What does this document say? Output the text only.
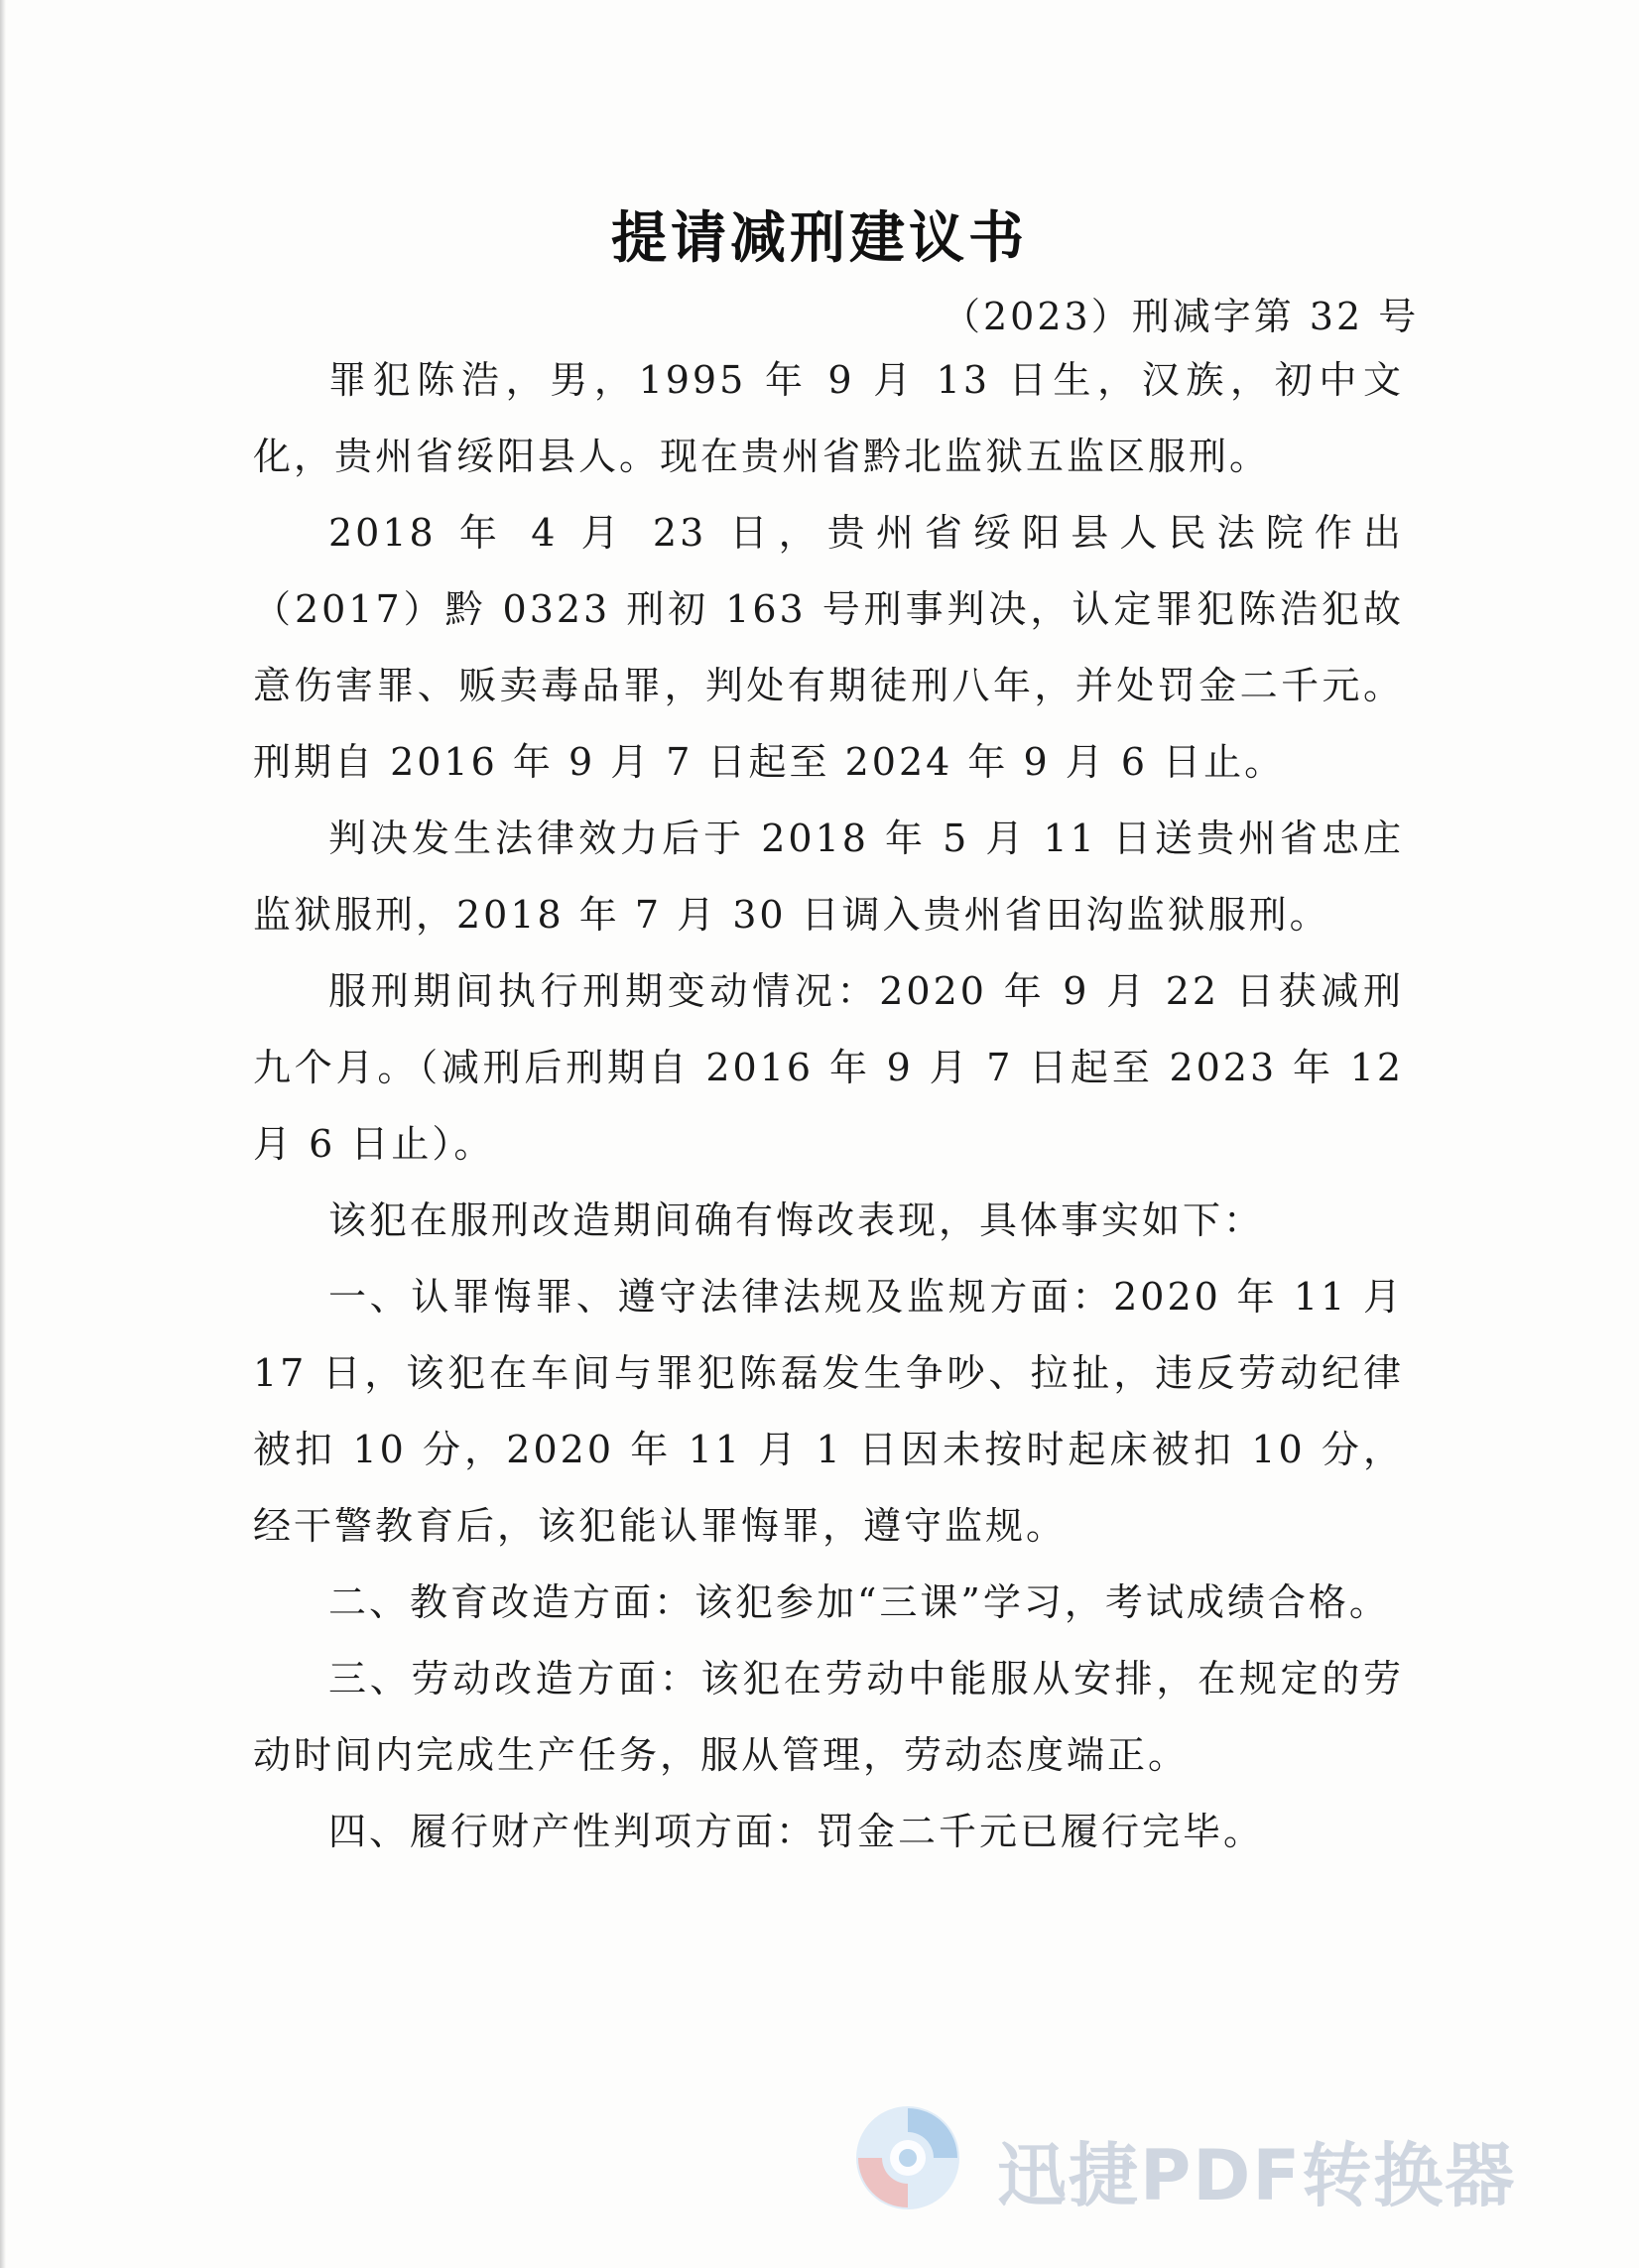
提请减刑建议书
（2023）刑减字第 32 号

罪犯陈浩，男，1995 年 9 月 13 日生，汉族，初中文化，贵州省绥阳县人。现在贵州省黔北监狱五监区服刑。

2018 年 4 月 23 日，贵州省绥阳县人民法院作出（2017）黔 0323 刑初 163 号刑事判决，认定罪犯陈浩犯故意伤害罪、贩卖毒品罪，判处有期徒刑八年，并处罚金二千元。刑期自 2016 年 9 月 7 日起至 2024 年 9 月 6 日止。

判决发生法律效力后于 2018 年 5 月 11 日送贵州省忠庄监狱服刑，2018 年 7 月 30 日调入贵州省田沟监狱服刑。

服刑期间执行刑期变动情况：2020 年 9 月 22 日获减刑九个月。（减刑后刑期自 2016 年 9 月 7 日起至 2023 年 12 月 6 日止）。

该犯在服刑改造期间确有悔改表现，具体事实如下：

一、认罪悔罪、遵守法律法规及监规方面：2020 年 11 月 17 日，该犯在车间与罪犯陈磊发生争吵、拉扯，违反劳动纪律被扣 10 分，2020 年 11 月 1 日因未按时起床被扣 10 分，经干警教育后，该犯能认罪悔罪，遵守监规。

二、教育改造方面：该犯参加“三课”学习，考试成绩合格。

三、劳动改造方面：该犯在劳动中能服从安排，在规定的劳动时间内完成生产任务，服从管理，劳动态度端正。

四、履行财产性判项方面：罚金二千元已履行完毕。

迅捷PDF转换器
